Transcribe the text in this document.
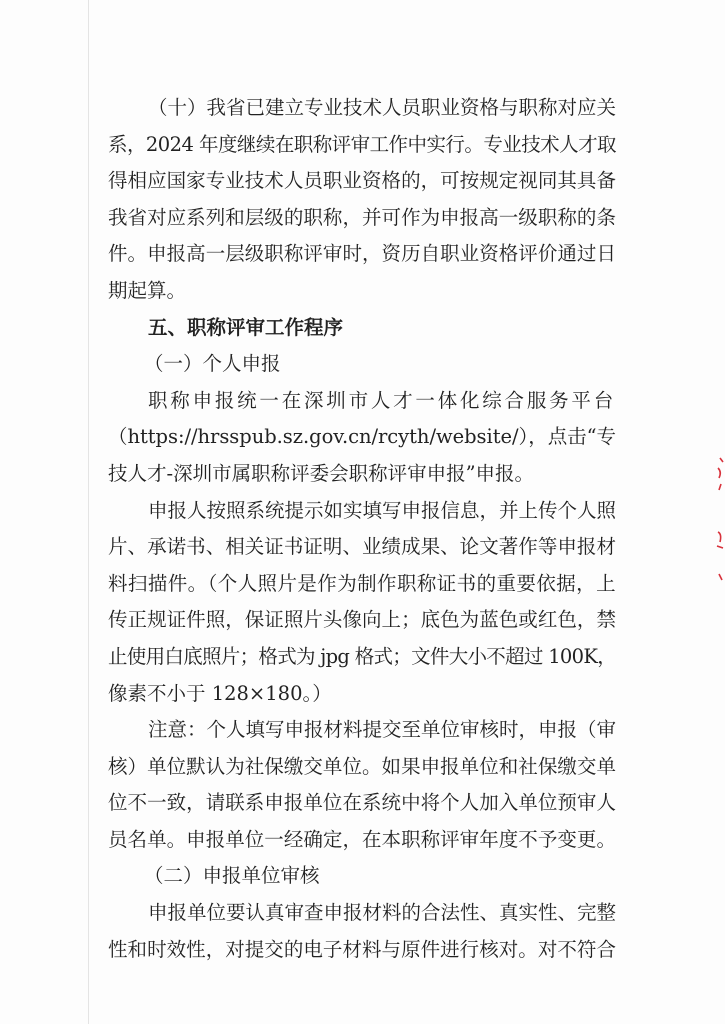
（十）我省已建立专业技术人员职业资格与职称对应关
系，2024 年度继续在职称评审工作中实行。专业技术人才取
得相应国家专业技术人员职业资格的，可按规定视同其具备
我省对应系列和层级的职称，并可作为申报高一级职称的条
件。申报高一层级职称评审时，资历自职业资格评价通过日
期起算。
五、职称评审工作程序
（一）个人申报
职称申报统一在深圳市人才一体化综合服务平台
（https://hrsspub.sz.gov.cn/rcyth/website/），点击“专
技人才-深圳市属职称评委会职称评审申报”申报。
申报人按照系统提示如实填写申报信息，并上传个人照
片、承诺书、相关证书证明、业绩成果、论文著作等申报材
料扫描件。（个人照片是作为制作职称证书的重要依据，上
传正规证件照，保证照片头像向上；底色为蓝色或红色，禁
止使用白底照片；格式为 jpg 格式；文件大小不超过 100K，
像素不小于 128×180。）
注意：个人填写申报材料提交至单位审核时，申报（审
核）单位默认为社保缴交单位。如果申报单位和社保缴交单
位不一致，请联系申报单位在系统中将个人加入单位预审人
员名单。申报单位一经确定，在本职称评审年度不予变更。
（二）申报单位审核
申报单位要认真审查申报材料的合法性、真实性、完整
性和时效性，对提交的电子材料与原件进行核对。对不符合
